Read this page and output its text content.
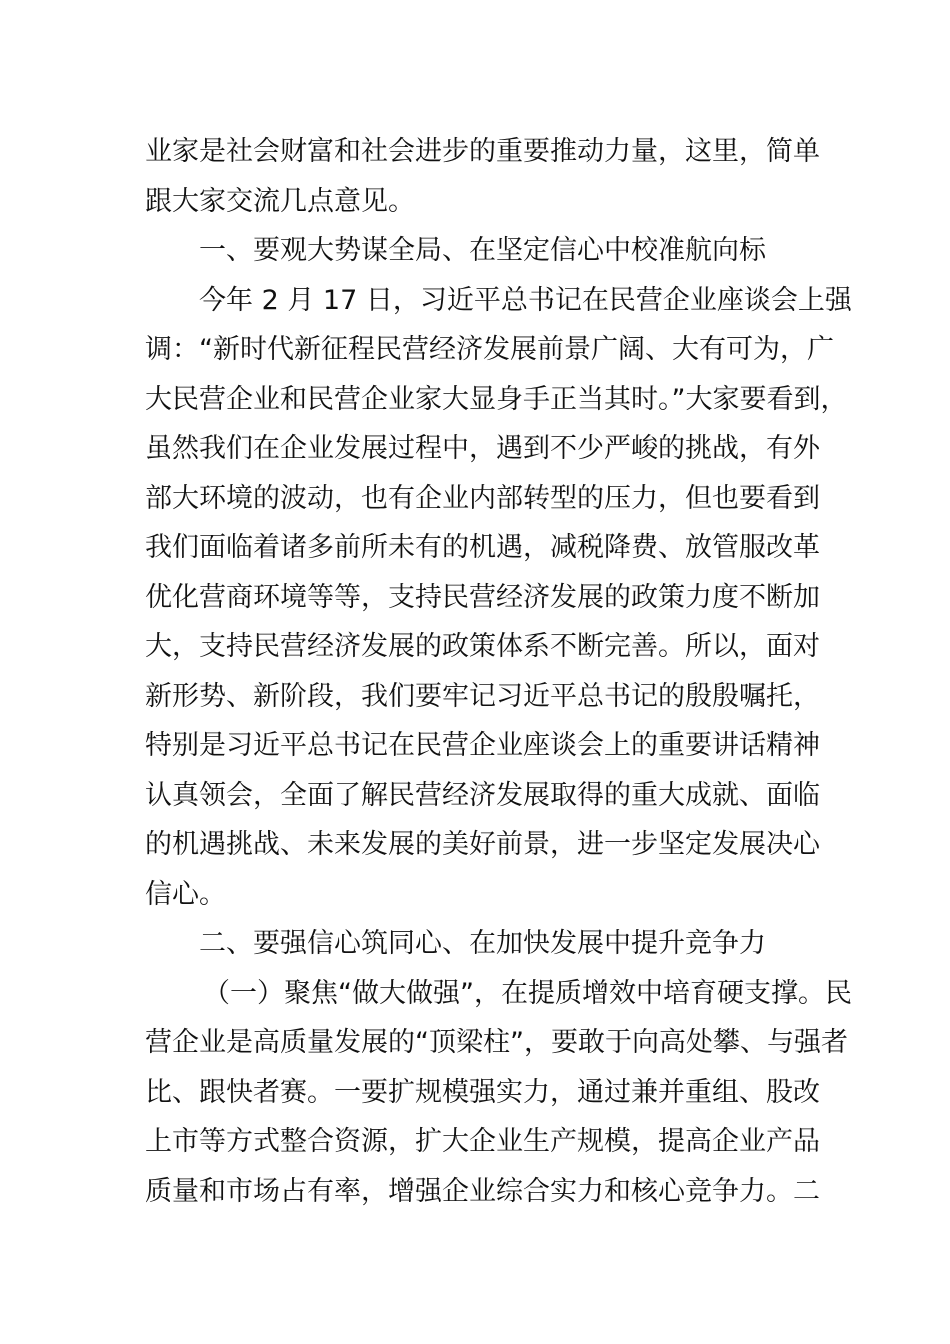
业家是社会财富和社会进步的重要推动力量，这里，简单
跟大家交流几点意见。
一、要观大势谋全局、在坚定信心中校准航向标
今年 2 月 17 日，习近平总书记在民营企业座谈会上强
调：“新时代新征程民营经济发展前景广阔、大有可为，广
大民营企业和民营企业家大显身手正当其时。”大家要看到，
虽然我们在企业发展过程中，遇到不少严峻的挑战，有外
部大环境的波动，也有企业内部转型的压力，但也要看到
我们面临着诸多前所未有的机遇，减税降费、放管服改革
优化营商环境等等，支持民营经济发展的政策力度不断加
大，支持民营经济发展的政策体系不断完善。所以，面对
新形势、新阶段，我们要牢记习近平总书记的殷殷嘱托，
特别是习近平总书记在民营企业座谈会上的重要讲话精神
认真领会，全面了解民营经济发展取得的重大成就、面临
的机遇挑战、未来发展的美好前景，进一步坚定发展决心
信心。
二、要强信心筑同心、在加快发展中提升竞争力
（一）聚焦“做大做强”，在提质增效中培育硬支撑。民
营企业是高质量发展的“顶梁柱”，要敢于向高处攀、与强者
比、跟快者赛。一要扩规模强实力，通过兼并重组、股改
上市等方式整合资源，扩大企业生产规模，提高企业产品
质量和市场占有率，增强企业综合实力和核心竞争力。二
